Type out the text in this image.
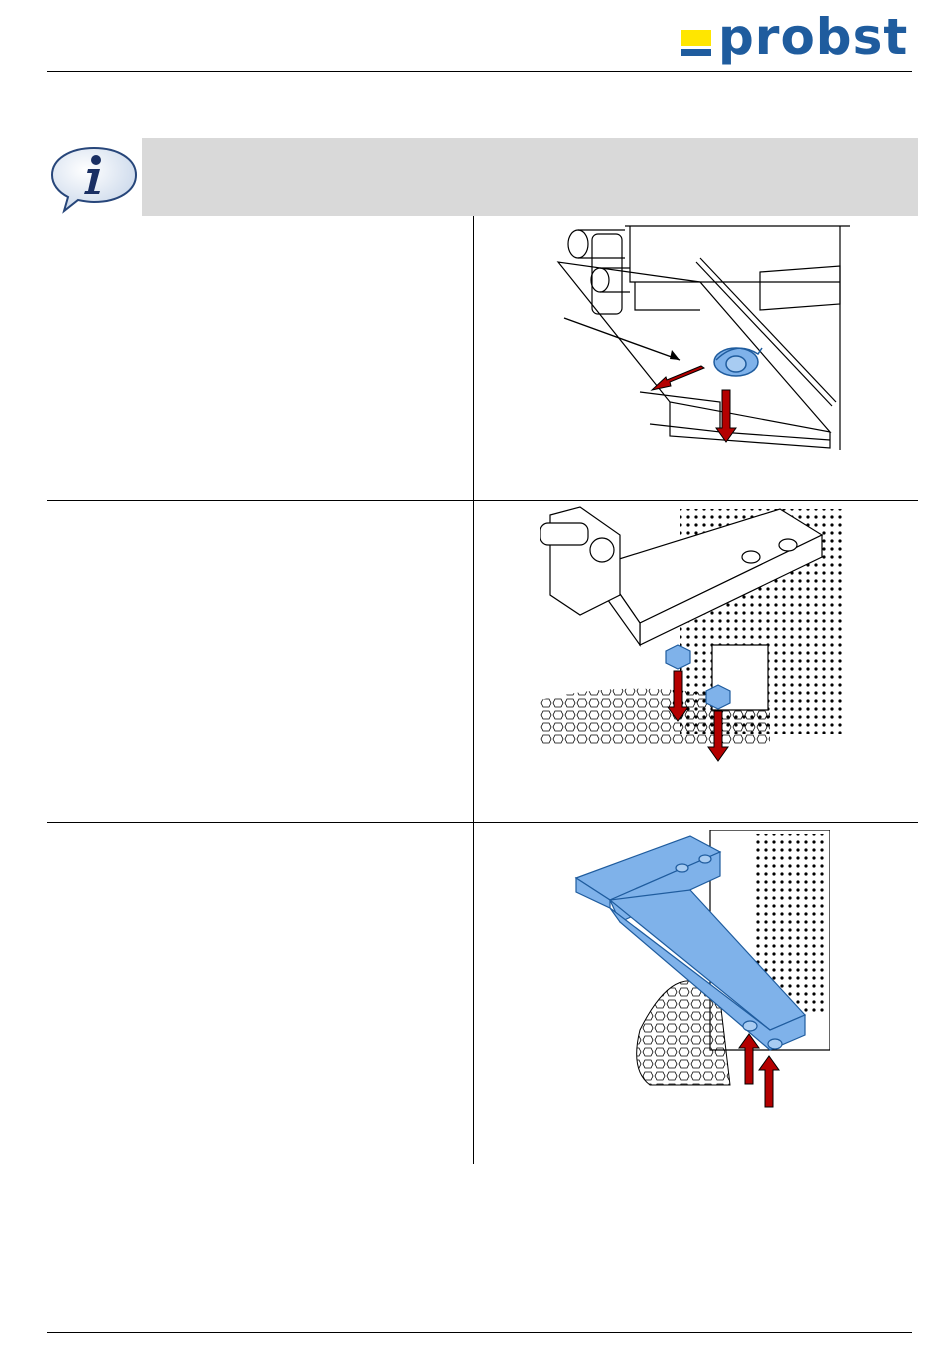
probst
